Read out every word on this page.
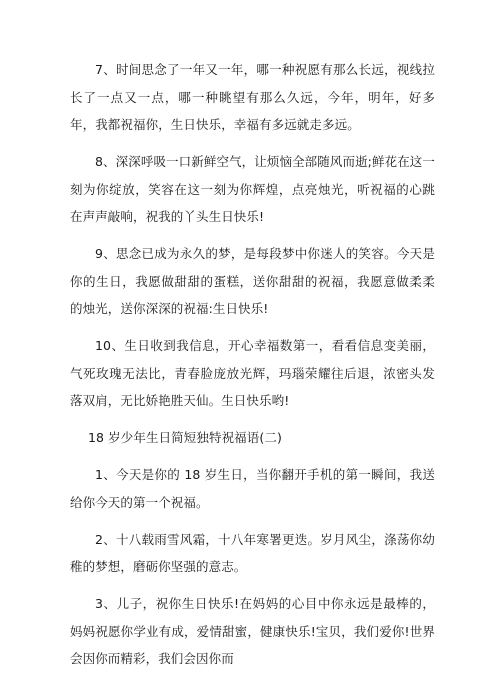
7、时间思念了一年又一年，哪一种祝愿有那么长远，视线拉长了一点又一点，哪一种眺望有那么久远，今年，明年，好多年，我都祝福你，生日快乐，幸福有多远就走多远。

8、深深呼吸一口新鲜空气，让烦恼全部随风而逝;鲜花在这一刻为你绽放，笑容在这一刻为你辉煌，点亮烛光，听祝福的心跳在声声敲响，祝我的丫头生日快乐!

9、思念已成为永久的梦，是每段梦中你迷人的笑容。今天是你的生日，我愿做甜甜的蛋糕，送你甜甜的祝福，我愿意做柔柔的烛光，送你深深的祝福:生日快乐!

10、生日收到我信息，开心幸福数第一，看看信息变美丽，气死玫瑰无法比，青春脸庞放光辉，玛瑙荣耀往后退，浓密头发落双肩，无比娇艳胜天仙。生日快乐哟!

18 岁少年生日简短独特祝福语(二)

1、今天是你的 18 岁生日，当你翻开手机的第一瞬间，我送给你今天的第一个祝福。

2、十八载雨雪风霜，十八年寒署更迭。岁月风尘，涤荡你幼稚的梦想，磨砺你坚强的意志。

3、儿子，祝你生日快乐!在妈妈的心目中你永远是最棒的，妈妈祝愿你学业有成，爱情甜蜜，健康快乐!宝贝，我们爱你!世界会因你而精彩，我们会因你而
